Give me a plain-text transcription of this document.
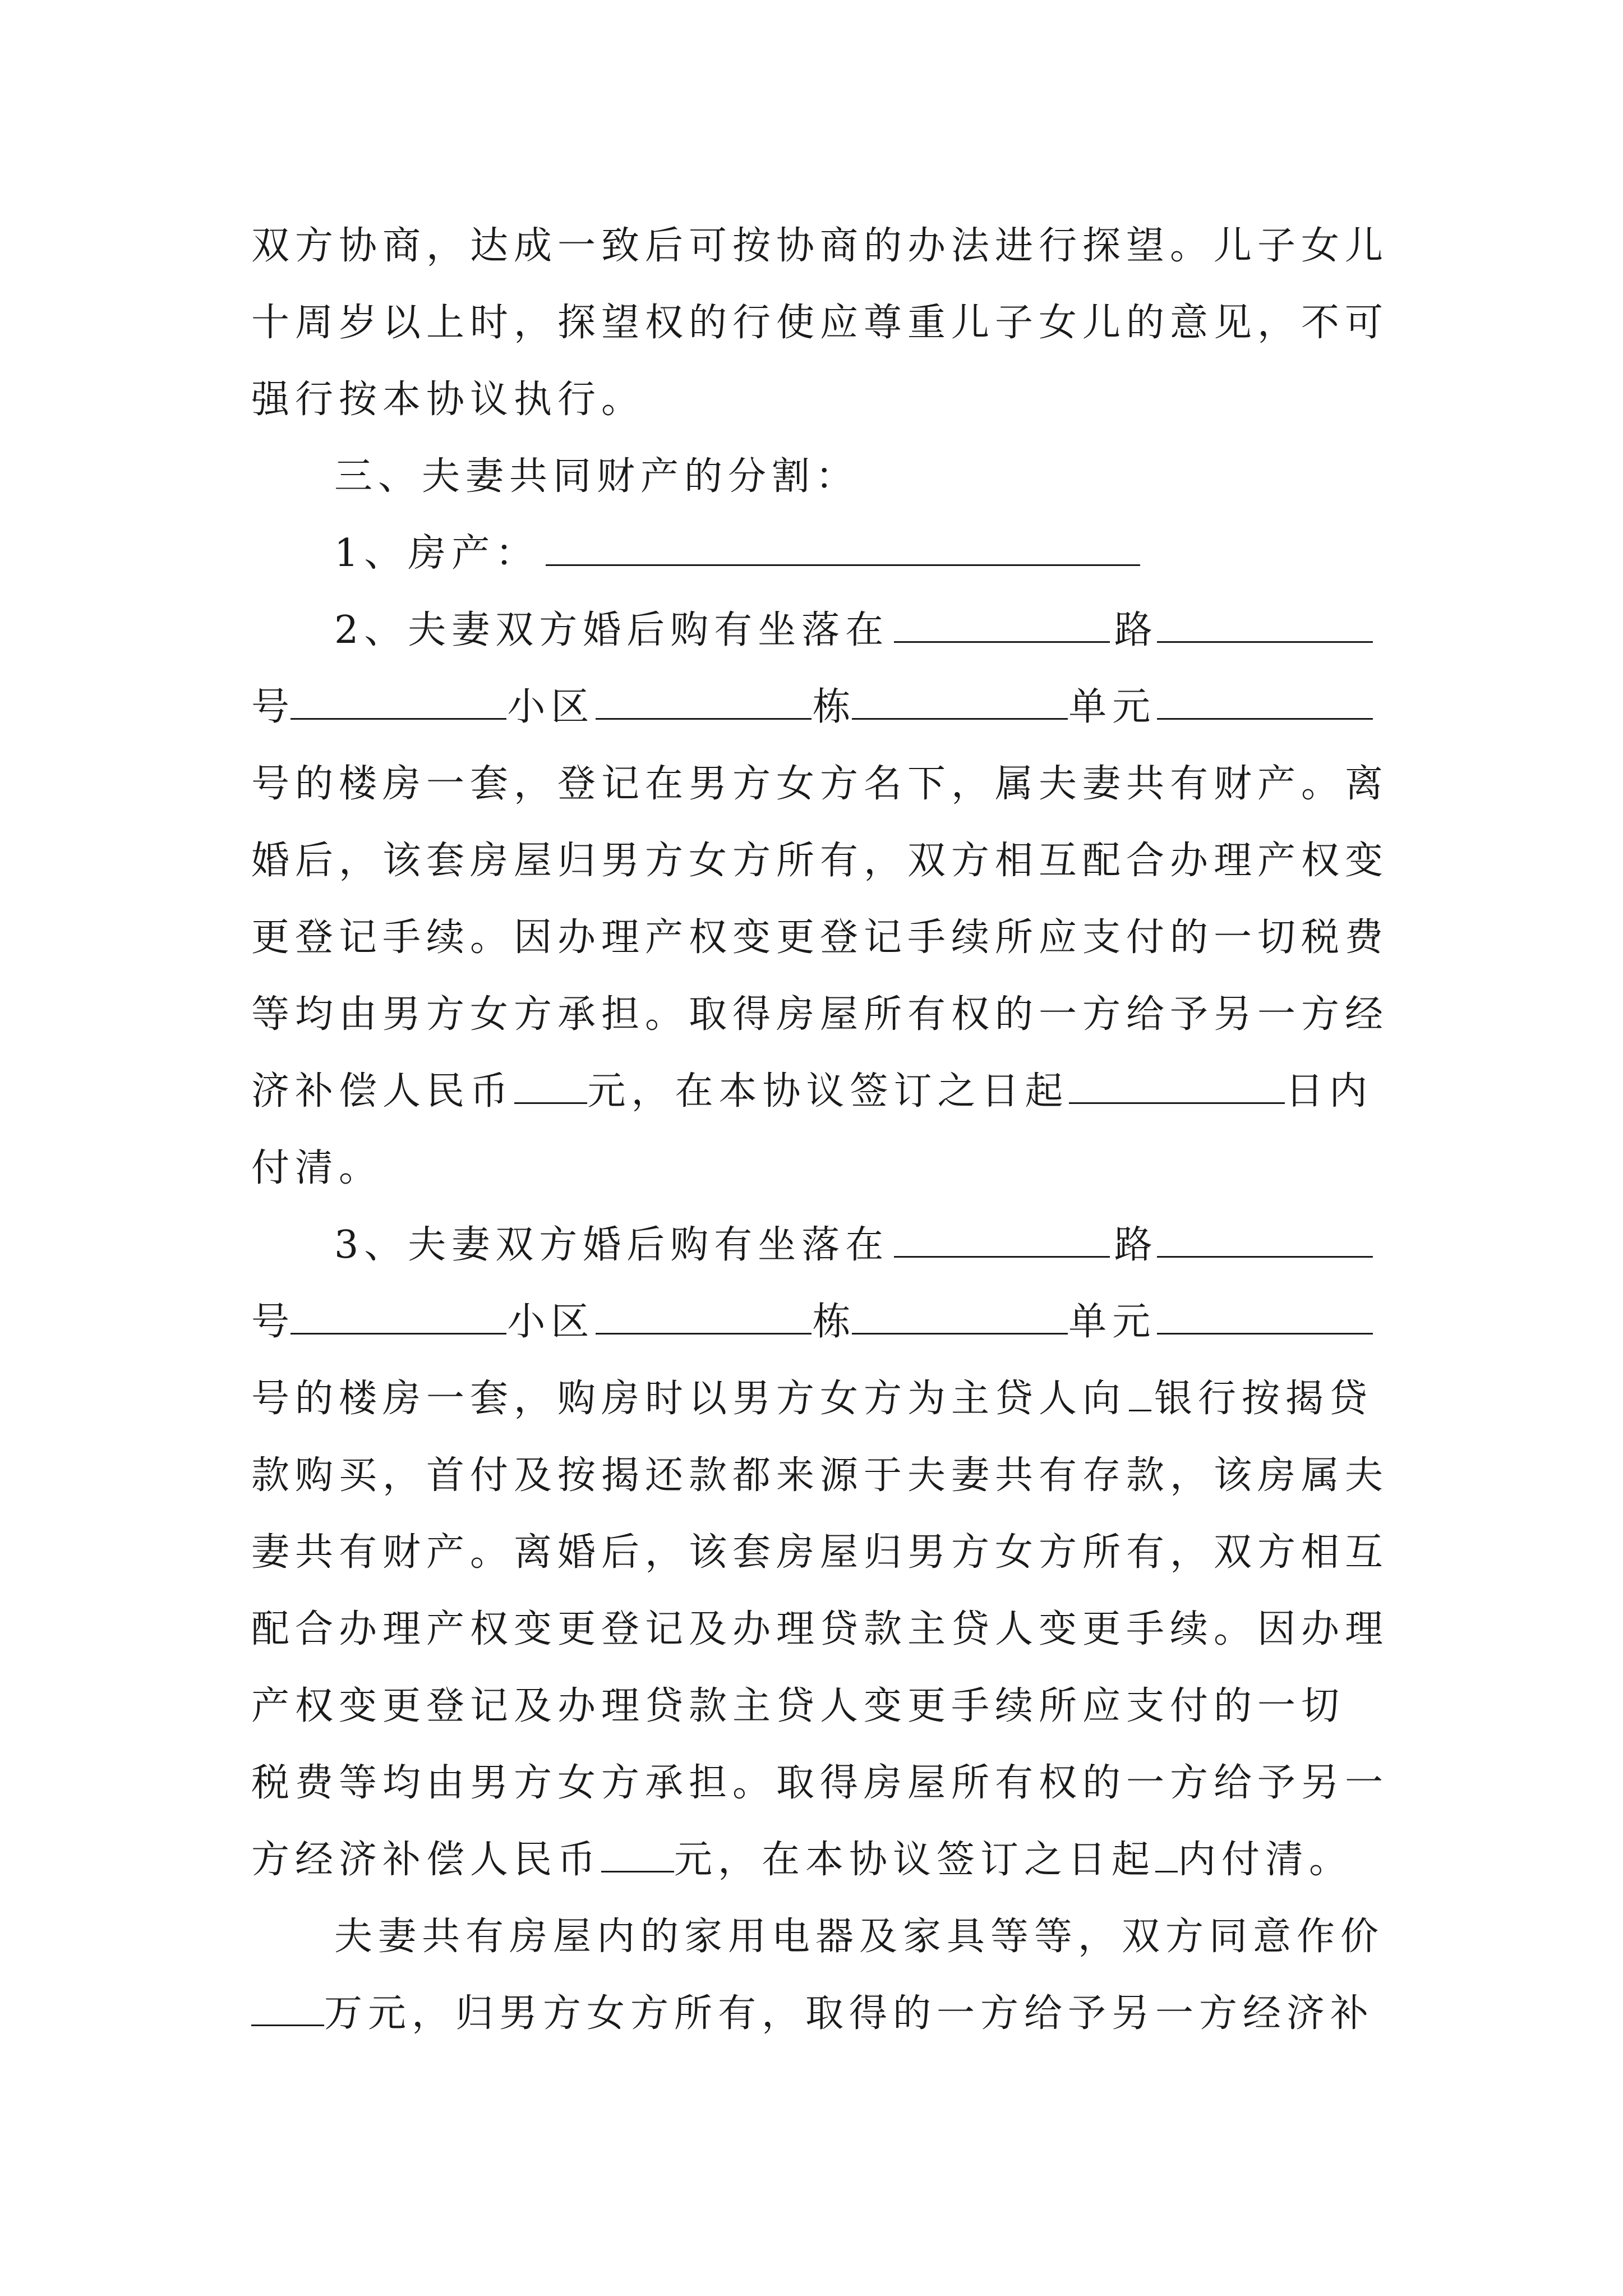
双方协商，达成一致后可按协商的办法进行探望。儿子女儿
十周岁以上时，探望权的行使应尊重儿子女儿的意见，不可
强行按本协议执行。
三、夫妻共同财产的分割：
1、房产：
2、夫妻双方婚后购有坐落在	路
号	小区	栋	单元
号的楼房一套，登记在男方女方名下，属夫妻共有财产。离
婚后，该套房屋归男方女方所有，双方相互配合办理产权变
更登记手续。因办理产权变更登记手续所应支付的一切税费
等均由男方女方承担。取得房屋所有权的一方给予另一方经
济补偿人民币 元，在本协议签订之日起	日内
付清。
3、夫妻双方婚后购有坐落在	路
号	小区	栋	单元
号的楼房一套，购房时以男方女方为主贷人向 银行按揭贷
款购买，首付及按揭还款都来源于夫妻共有存款，该房属夫
妻共有财产。离婚后，该套房屋归男方女方所有，双方相互
配合办理产权变更登记及办理贷款主贷人变更手续。因办理
产权变更登记及办理贷款主贷人变更手续所应支付的一切
税费等均由男方女方承担。取得房屋所有权的一方给予另一
方经济补偿人民币 元，在本协议签订之日起 内付清。
夫妻共有房屋内的家用电器及家具等等，双方同意作价
万元，归男方女方所有，取得的一方给予另一方经济补
